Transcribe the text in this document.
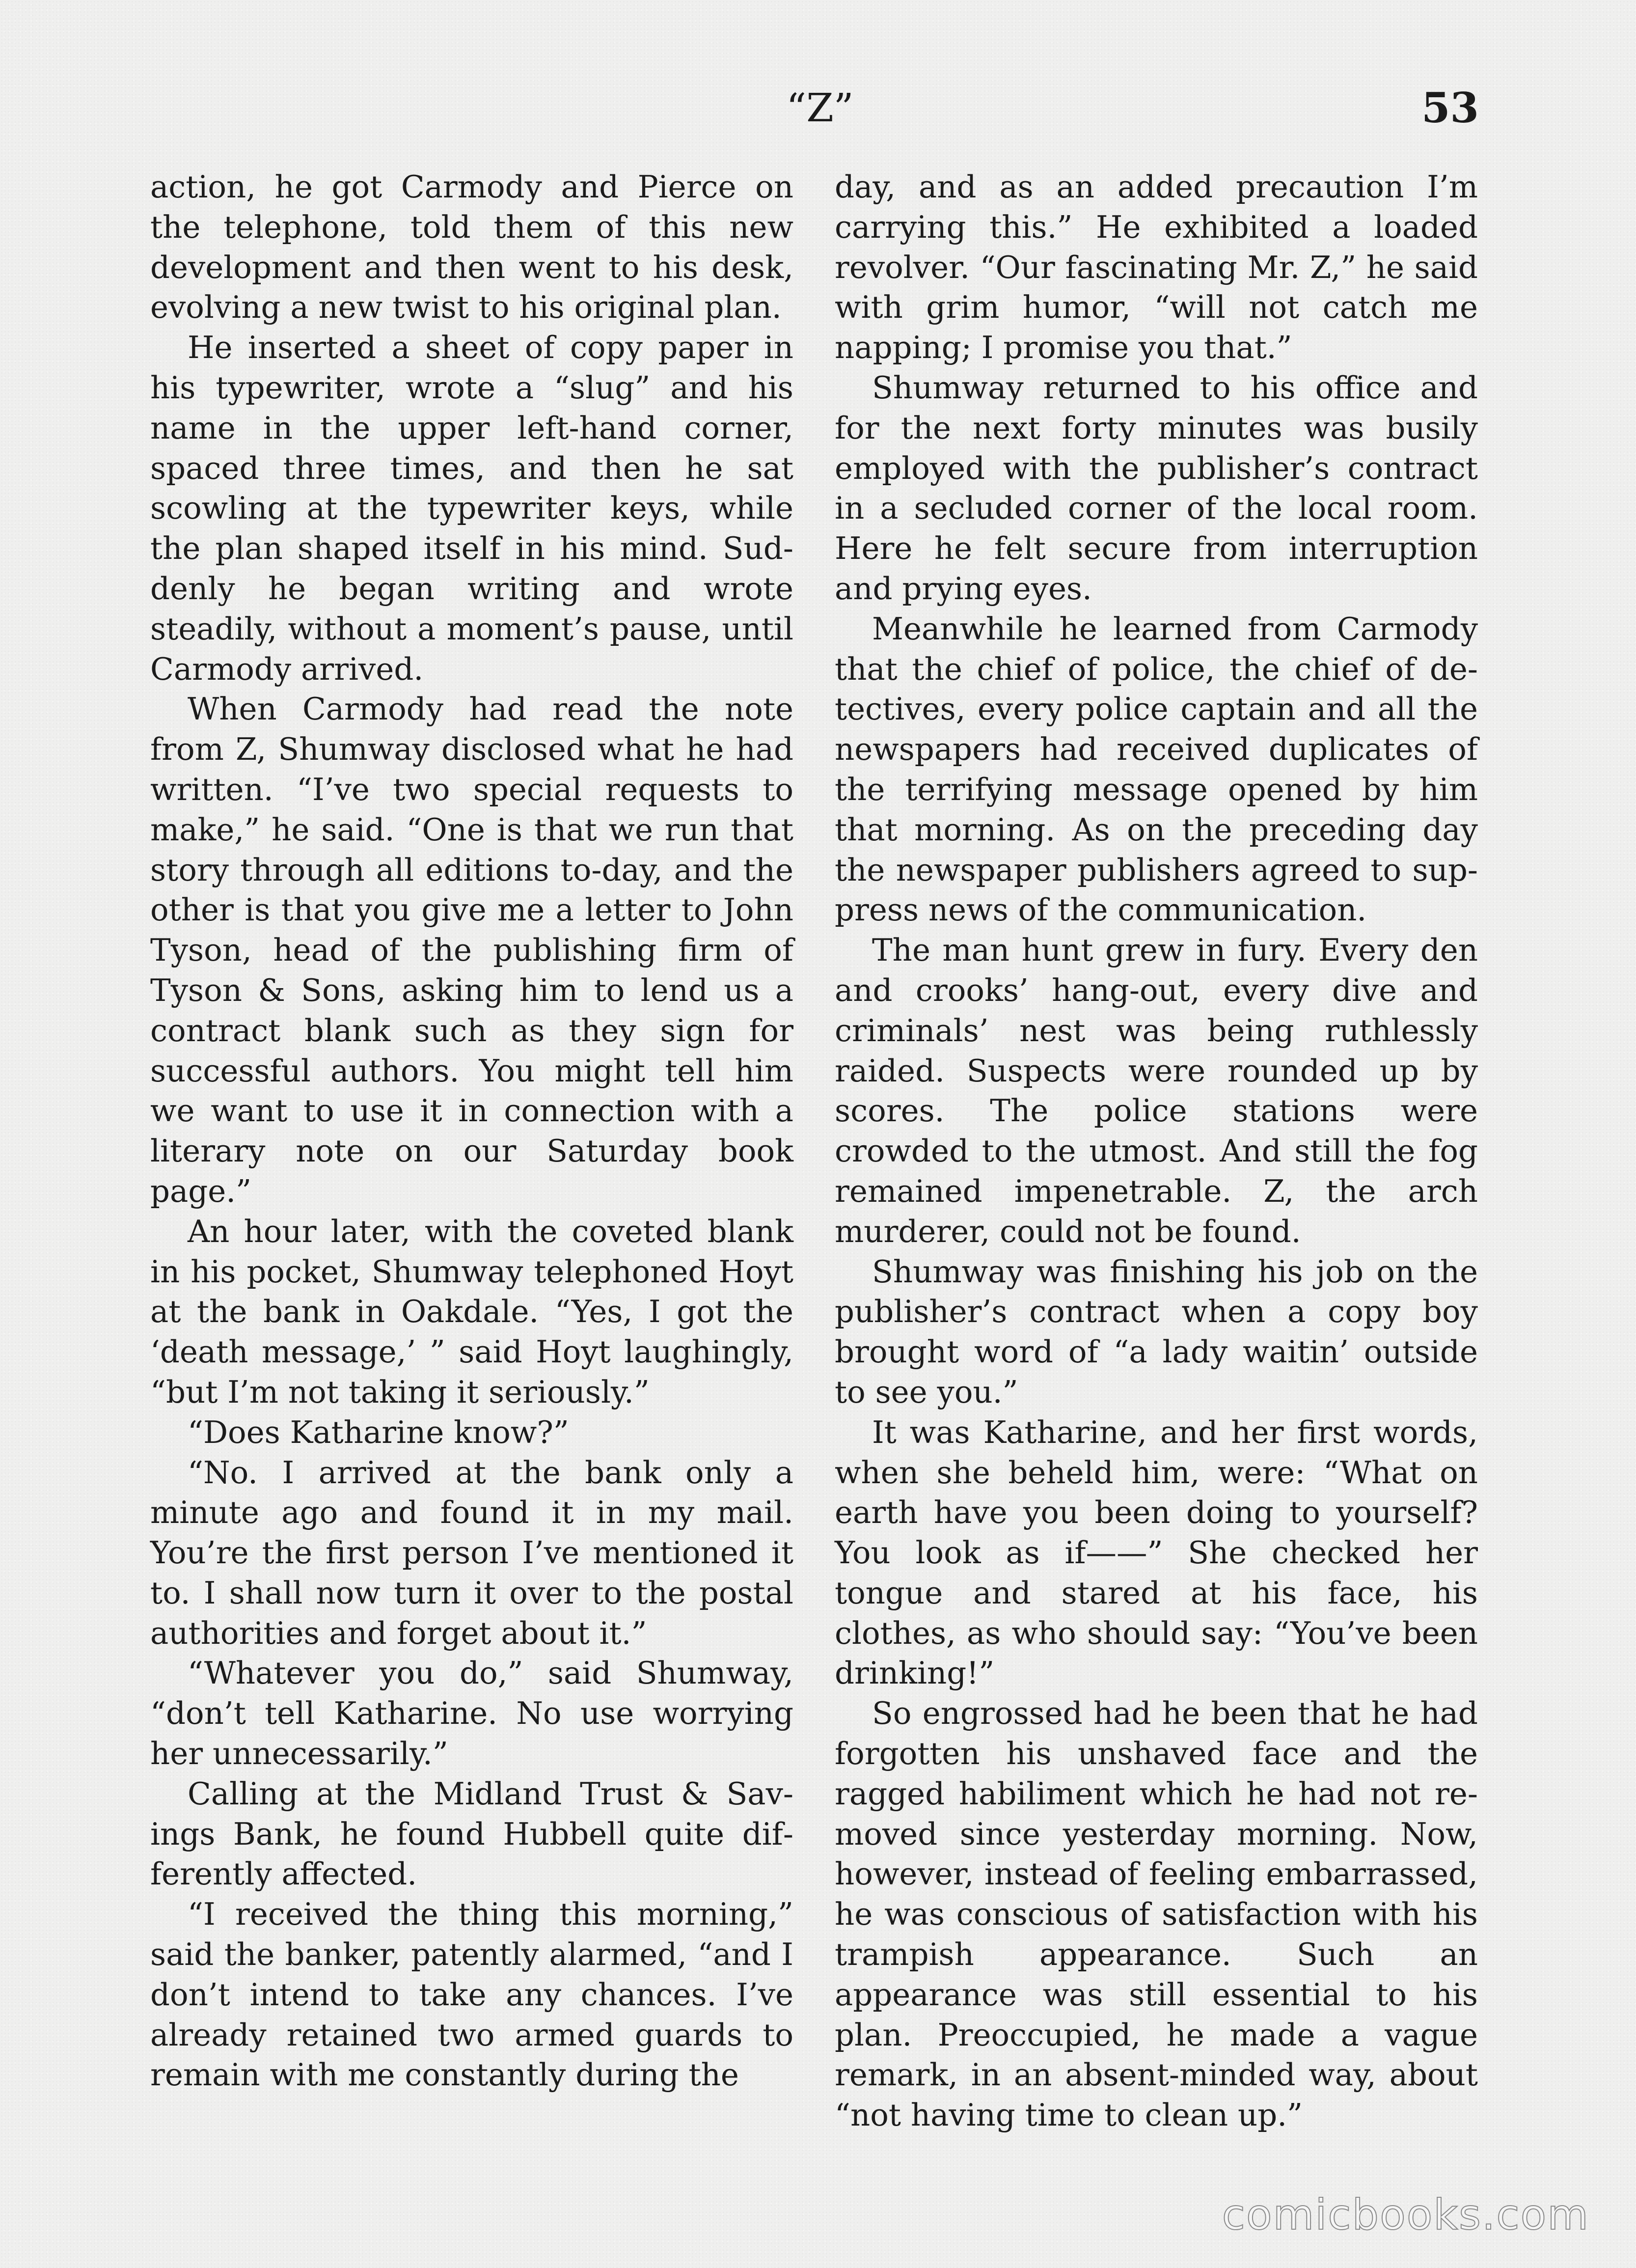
“Z”	53

action, he got Carmody and Pierce on the telephone, told them of this new development and then went to his desk, evolving a new twist to his original plan.

He inserted a sheet of copy paper in his typewriter, wrote a “slug” and his name in the upper left-hand corner, spaced three times, and then he sat scowling at the typewriter keys, while the plan shaped itself in his mind. Suddenly he began writing and wrote steadily, without a moment’s pause, until Carmody arrived.

When Carmody had read the note from Z, Shumway disclosed what he had written. “I’ve two special requests to make,” he said. “One is that we run that story through all editions to-day, and the other is that you give me a letter to John Tyson, head of the publishing firm of Tyson & Sons, asking him to lend us a contract blank such as they sign for successful authors. You might tell him we want to use it in connection with a literary note on our Saturday book page.”

An hour later, with the coveted blank in his pocket, Shumway telephoned Hoyt at the bank in Oakdale. “Yes, I got the ‘death message,’ ” said Hoyt laughingly, “but I’m not taking it seriously.”

“Does Katharine know?”

“No. I arrived at the bank only a minute ago and found it in my mail. You’re the first person I’ve mentioned it to. I shall now turn it over to the postal authorities and forget about it.”

“Whatever you do,” said Shumway, “don’t tell Katharine. No use worrying her unnecessarily.”

Calling at the Midland Trust & Savings Bank, he found Hubbell quite differently affected.

“I received the thing this morning,” said the banker, patently alarmed, “and I don’t intend to take any chances. I’ve already retained two armed guards to remain with me constantly during the

day, and as an added precaution I’m carrying this.” He exhibited a loaded revolver. “Our fascinating Mr. Z,” he said with grim humor, “will not catch me napping; I promise you that.”

Shumway returned to his office and for the next forty minutes was busily employed with the publisher’s contract in a secluded corner of the local room. Here he felt secure from interruption and prying eyes.

Meanwhile he learned from Carmody that the chief of police, the chief of detectives, every police captain and all the newspapers had received duplicates of the terrifying message opened by him that morning. As on the preceding day the newspaper publishers agreed to suppress news of the communication.

The man hunt grew in fury. Every den and crooks’ hang-out, every dive and criminals’ nest was being ruthlessly raided. Suspects were rounded up by scores. The police stations were crowded to the utmost. And still the fog remained impenetrable. Z, the arch murderer, could not be found.

Shumway was finishing his job on the publisher’s contract when a copy boy brought word of “a lady waitin’ outside to see you.”

It was Katharine, and her first words, when she beheld him, were: “What on earth have you been doing to yourself? You look as if——” She checked her tongue and stared at his face, his clothes, as who should say: “You’ve been drinking!”

So engrossed had he been that he had forgotten his unshaved face and the ragged habiliment which he had not removed since yesterday morning. Now, however, instead of feeling embarrassed, he was conscious of satisfaction with his trampish appearance. Such an appearance was still essential to his plan. Preoccupied, he made a vague remark, in an absent-minded way, about “not having time to clean up.”

comicbooks.com
